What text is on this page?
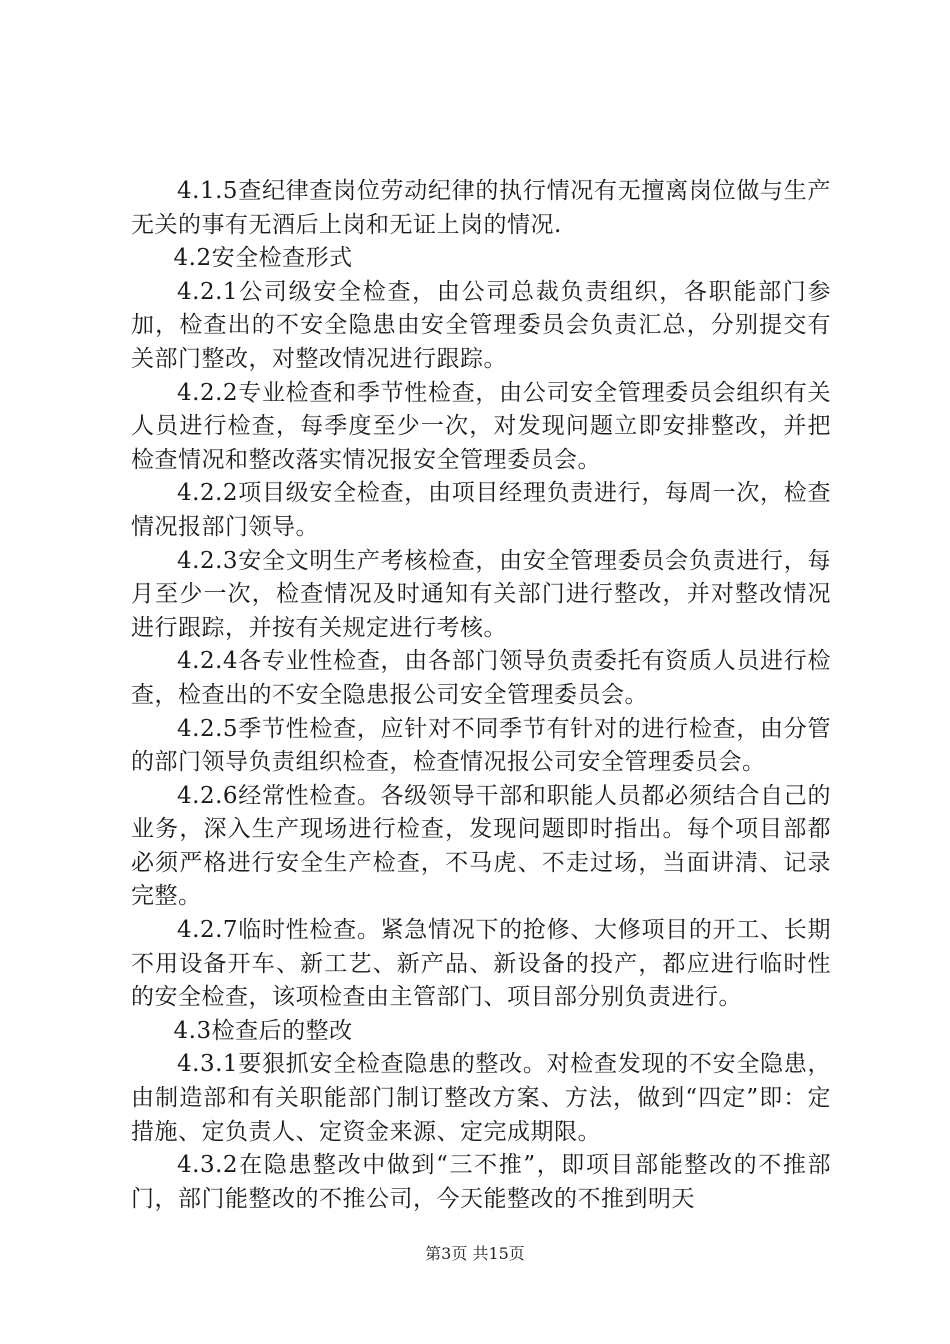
4.1.5查纪律查岗位劳动纪律的执行情况有无擅离岗位做与生产无关的事有无酒后上岗和无证上岗的情况.

4.2安全检查形式

4.2.1公司级安全检查，由公司总裁负责组织，各职能部门参加，检查出的不安全隐患由安全管理委员会负责汇总，分别提交有关部门整改，对整改情况进行跟踪。

4.2.2专业检查和季节性检查，由公司安全管理委员会组织有关人员进行检查，每季度至少一次，对发现问题立即安排整改，并把检查情况和整改落实情况报安全管理委员会。

4.2.2项目级安全检查，由项目经理负责进行，每周一次，检查情况报部门领导。

4.2.3安全文明生产考核检查，由安全管理委员会负责进行，每月至少一次，检查情况及时通知有关部门进行整改，并对整改情况进行跟踪，并按有关规定进行考核。

4.2.4各专业性检查，由各部门领导负责委托有资质人员进行检查，检查出的不安全隐患报公司安全管理委员会。

4.2.5季节性检查，应针对不同季节有针对的进行检查，由分管的部门领导负责组织检查，检查情况报公司安全管理委员会。

4.2.6经常性检查。各级领导干部和职能人员都必须结合自己的业务，深入生产现场进行检查，发现问题即时指出。每个项目部都必须严格进行安全生产检查，不马虎、不走过场，当面讲清、记录完整。

4.2.7临时性检查。紧急情况下的抢修、大修项目的开工、长期不用设备开车、新工艺、新产品、新设备的投产，都应进行临时性的安全检查，该项检查由主管部门、项目部分别负责进行。

4.3检查后的整改

4.3.1要狠抓安全检查隐患的整改。对检查发现的不安全隐患，由制造部和有关职能部门制订整改方案、方法，做到“四定”即：定措施、定负责人、定资金来源、定完成期限。

4.3.2在隐患整改中做到“三不推”，即项目部能整改的不推部门，部门能整改的不推公司，今天能整改的不推到明天

第3页 共15页
